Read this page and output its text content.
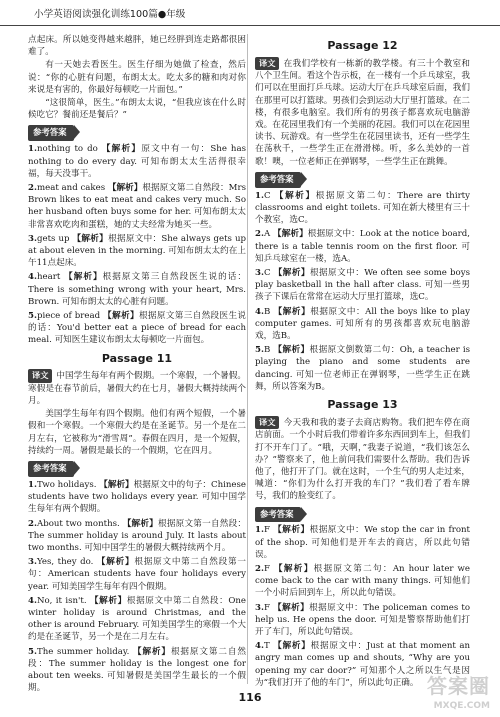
小学英语阅读强化训练100篇●年级

点起床。所以她变得越来越胖，她已经胖到连走路都很困难了。

有一天她去看医生。医生仔细为她做了检查，然后说：“你的心脏有问题，布朗太太。吃太多的糖和肉对你来说是有害的，你最好每顿吃一片面包。”

“这很简单，医生。”布朗太太说，“但我应该在什么时候吃它？餐前还是餐后？”

参考答案
1.nothing to do 【解析】原文中有一句：She has nothing to do every day. 可知布朗太太生活得很幸福，每天没事干。
2.meat and cakes 【解析】根据原文第二自然段：Mrs Brown likes to eat meat and cakes very much. So her husband often buys some for her. 可知布朗太太非常喜欢吃肉和蛋糕，她的丈夫经常为她买一些。
3.gets up 【解析】根据原文中：She always gets up at about eleven in the morning. 可知布朗太太约在上午11点起床。
4.heart 【解析】根据原文第三自然段医生说的话：There is something wrong with your heart, Mrs. Brown. 可知布朗太太的心脏有问题。
5.piece of bread 【解析】根据原文第三自然段医生说的话：You'd better eat a piece of bread for each meal. 可知医生建议布朗太太每顿吃一片面包。
Passage 11

译文 中国学生每年有两个假期。一个寒假，一个暑假。寒假是在春节前后，暑假大约在七月，暑假大概持续两个月。

美国学生每年有四个假期。他们有两个短假，一个暑假和一个寒假。一个寒假大约是在圣诞节。另一个是在二月左右，它被称为“滑雪周”。春假在四月，是一个短假，持续约一周。暑假是最长的一个假期，它在四月。

参考答案
1.Two holidays. 【解析】根据原文中的句子：Chinese students have two holidays every year. 可知中国学生每年有两个假期。
2.About two months. 【解析】根据原文第一自然段：The summer holiday is around July. It lasts about two months. 可知中国学生的暑假大概持续两个月。
3.Yes, they do. 【解析】根据原文中第二自然段第一句：American students have four holidays every year. 可知美国学生每年有四个假期。
4.No, it isn't. 【解析】根据原文中第二自然段：One winter holiday is around Christmas, and the other is around February. 可知美国学生的寒假一个大约是在圣诞节，另一个是在二月左右。
5.The summer holiday. 【解析】根据原文第二自然段：The summer holiday is the longest one for about ten weeks. 可知暑假是美国学生最长的一个假期。
Passage 12

译文 在我们学校有一栋新的教学楼。有三十个教室和八个卫生间。看这个告示板，在一楼有一个乒乓球室，我们可以在里面打乒乓球。运动大厅在乒乓球室后面，我们在那里可以打篮球。男孩们会到运动大厅里打篮球。在二楼，有很多电脑室。我们所有的男孩子都喜欢玩电脑游戏。在花园里我们有一个美丽的花园。我们可以在花园里读书、玩游戏。有一些学生在花园里读书，还有一些学生在荡秋千，一些学生正在滑滑梯。听，多么美妙的一首歌！噢，一位老师正在弹钢琴，一些学生正在跳舞。

参考答案
1.C 【解析】根据原文第二句：There are thirty classrooms and eight toilets. 可知在新大楼里有三十个教室，选C。
2.A 【解析】根据原文中：Look at the notice board, there is a table tennis room on the first floor. 可知乒乓球室在一楼，选A。
3.C 【解析】根据原文中：We often see some boys play basketball in the hall after class. 可知一些男孩子下课后在常常在运动大厅里打篮球，选C。
4.B 【解析】根据原文中：All the boys like to play computer games. 可知所有的男孩都喜欢玩电脑游戏，选B。
5.B 【解析】根据原文倒数第二句：Oh, a teacher is playing the piano and some students are dancing. 可知一位老师正在弹钢琴，一些学生正在跳舞，所以答案为B。
Passage 13

译文 今天我和我的妻子去商店购物。我们把车停在商店前面。一个小时后我们带着许多东西回到车上，但我们打不开车门了。“哦，天啊，”我妻子说道，“我们该怎么办？”警察来了，他上前问我们需要什么帮助。我们告诉他了，他打开了门。就在这时，一个生气的男人走过来，喊道：“你们为什么打开我的车门？”我们看了看车牌号，我们的脸变红了。

参考答案
1.F 【解析】根据原文中：We stop the car in front of the shop. 可知他们是开车去的商店，所以此句错误。
2.F 【解析】根据原文第二句：An hour later we come back to the car with many things. 可知他们一个小时后回到车上，所以此句错误。
3.F 【解析】根据原文中：The policeman comes to help us. He opens the door. 可知是警察帮助他们打开了车门，所以此句错误。
4.T 【解析】根据原文中：Just at that moment an angry man comes up and shouts, “Why are you opening my car door?” 可知那个人之所以生气是因为“我们打开了他的车门”，所以此句正确。
116	答案圈
MXQE.COM
